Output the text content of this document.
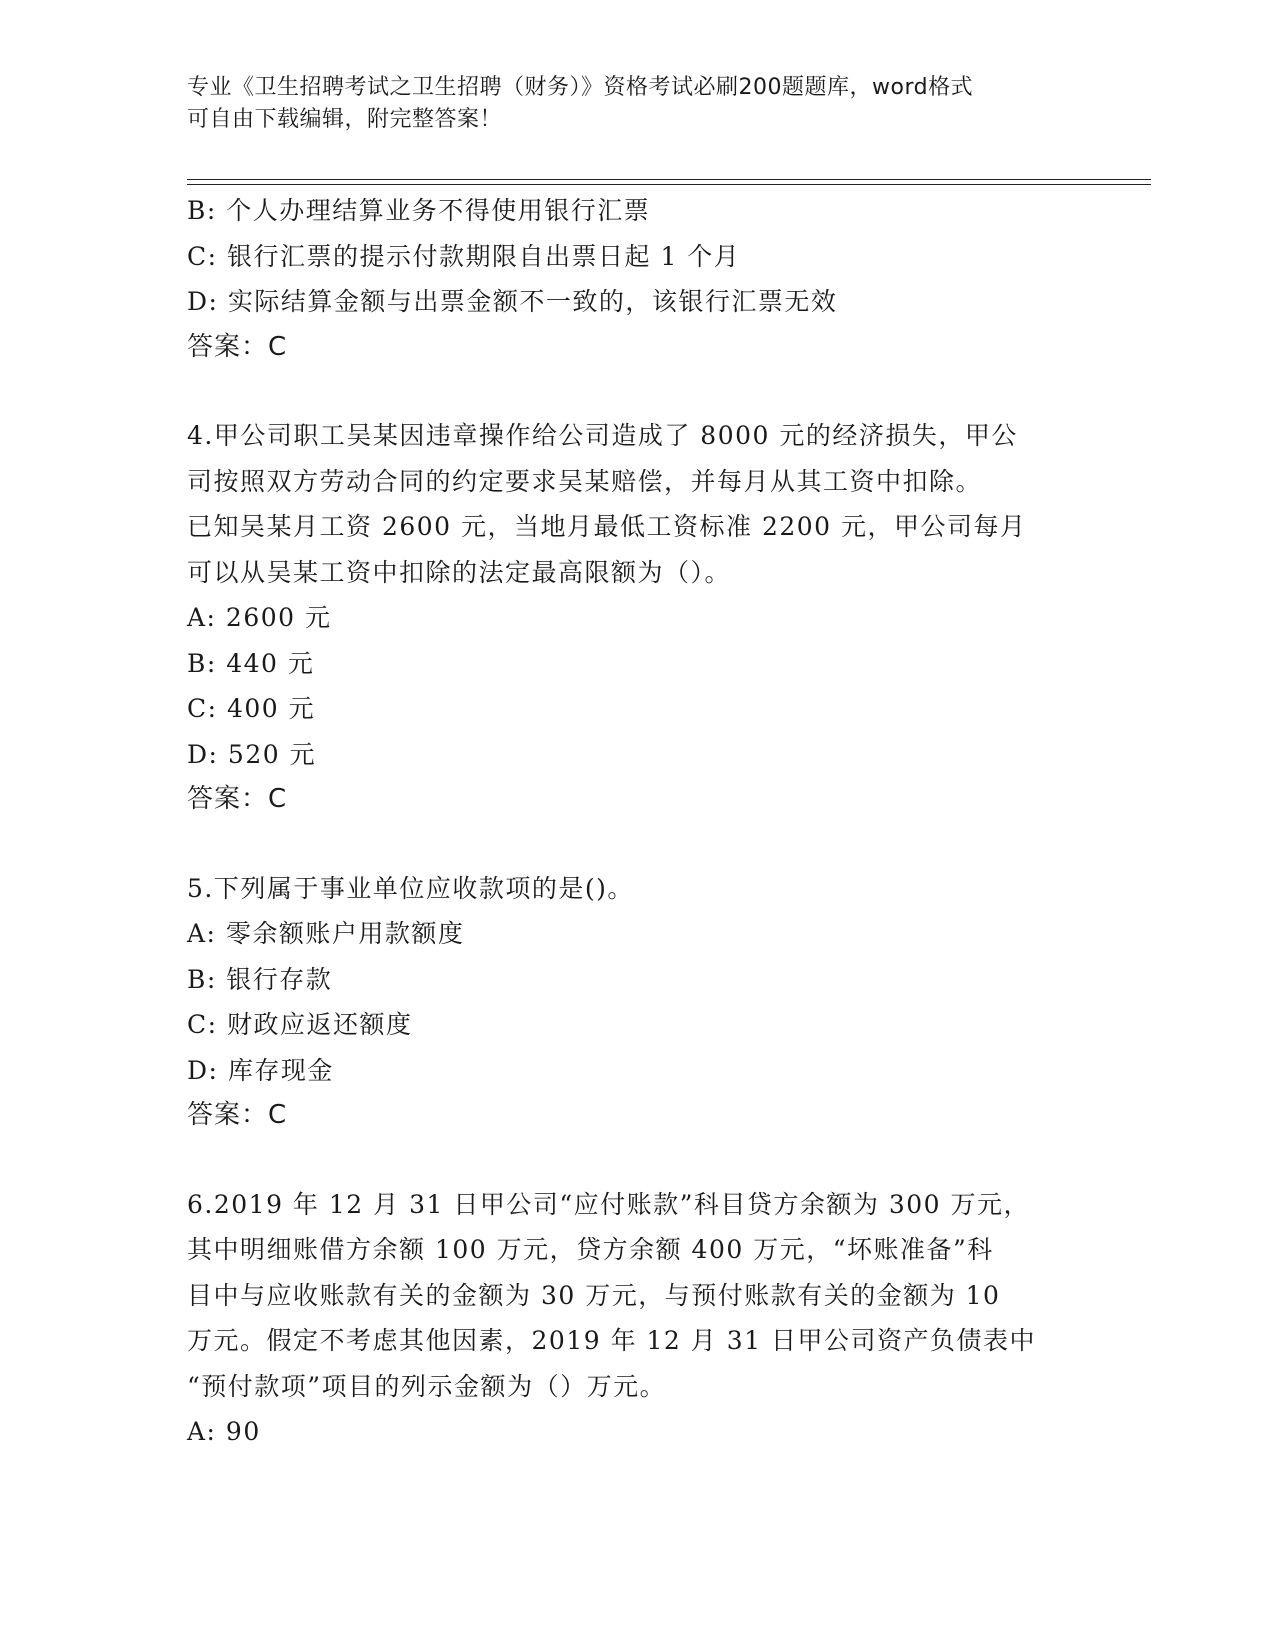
专业《卫生招聘考试之卫生招聘（财务）》资格考试必刷200题题库，word格式

可自由下载编辑，附完整答案！

B: 个人办理结算业务不得使用银行汇票
C: 银行汇票的提示付款期限自出票日起 1 个月
D: 实际结算金额与出票金额不一致的，该银行汇票无效
答案：C
4.甲公司职工吴某因违章操作给公司造成了 8000 元的经济损失，甲公
司按照双方劳动合同的约定要求吴某赔偿，并每月从其工资中扣除。
已知吴某月工资 2600 元，当地月最低工资标准 2200 元，甲公司每月
可以从吴某工资中扣除的法定最高限额为（）。
A: 2600 元
B: 440 元
C: 400 元
D: 520 元
答案：C
5.下列属于事业单位应收款项的是()。
A: 零余额账户用款额度
B: 银行存款
C: 财政应返还额度
D: 库存现金
答案：C
6.2019 年 12 月 31 日甲公司“应付账款”科目贷方余额为 300 万元，
其中明细账借方余额 100 万元，贷方余额 400 万元，“坏账准备”科
目中与应收账款有关的金额为 30 万元，与预付账款有关的金额为 10
万元。假定不考虑其他因素，2019 年 12 月 31 日甲公司资产负债表中
“预付款项”项目的列示金额为（）万元。
A: 90
